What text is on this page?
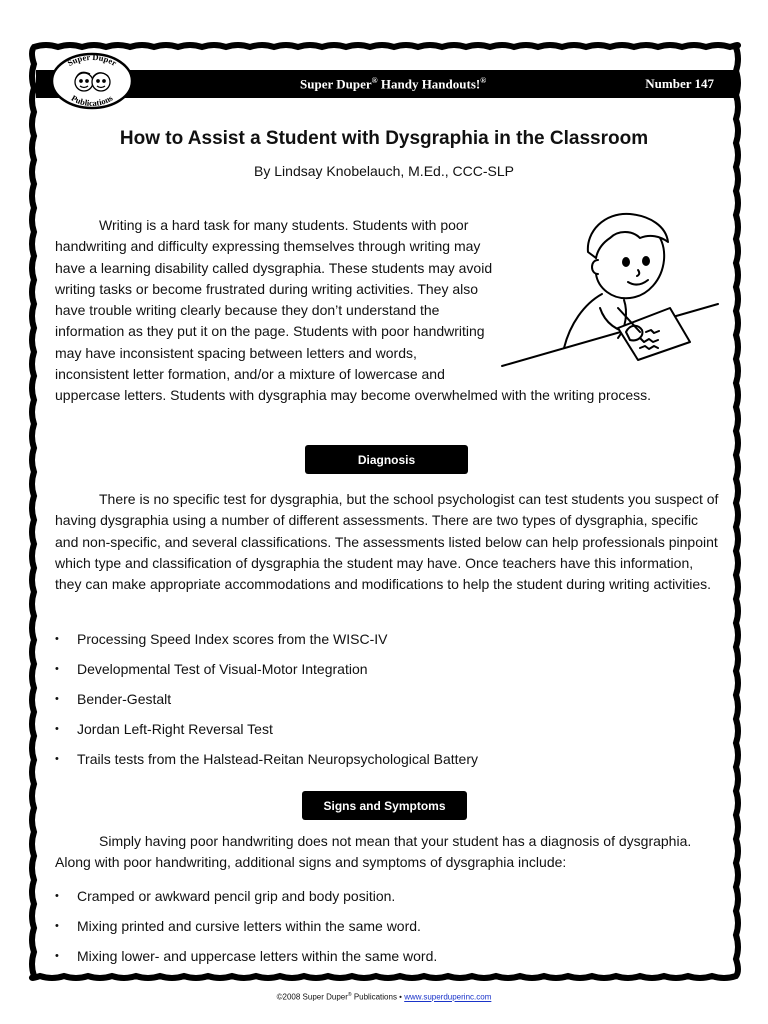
Super Duper® Handy Handouts!®	Number 147
Super Duper
Publications
How to Assist a Student with Dysgraphia in the Classroom
By Lindsay Knobelauch, M.Ed., CCC-SLP
Writing is a hard task for many students. Students with poor handwriting and difficulty expressing themselves through writing may have a learning disability called dysgraphia. These students may avoid writing tasks or become frustrated during writing activities. They also have trouble writing clearly because they don’t understand the information as they put it on the page. Students with poor handwriting may have inconsistent spacing between letters and words, inconsistent letter formation, and/or a mixture of lowercase and uppercase letters. Students with dysgraphia may become overwhelmed with the writing process.
Diagnosis
There is no specific test for dysgraphia, but the school psychologist can test students you suspect of having dysgraphia using a number of different assessments. There are two types of dysgraphia, specific and non-specific, and several classifications. The assessments listed below can help professionals pinpoint which type and classification of dysgraphia the student may have. Once teachers have this information, they can make appropriate accommodations and modifications to help the student during writing activities.
• Processing Speed Index scores from the WISC-IV
• Developmental Test of Visual-Motor Integration
• Bender-Gestalt
• Jordan Left-Right Reversal Test
• Trails tests from the Halstead-Reitan Neuropsychological Battery
Signs and Symptoms
Simply having poor handwriting does not mean that your student has a diagnosis of dysgraphia. Along with poor handwriting, additional signs and symptoms of dysgraphia include:
• Cramped or awkward pencil grip and body position.
• Mixing printed and cursive letters within the same word.
• Mixing lower- and uppercase letters within the same word.
©2008 Super Duper® Publications • www.superduperinc.com
